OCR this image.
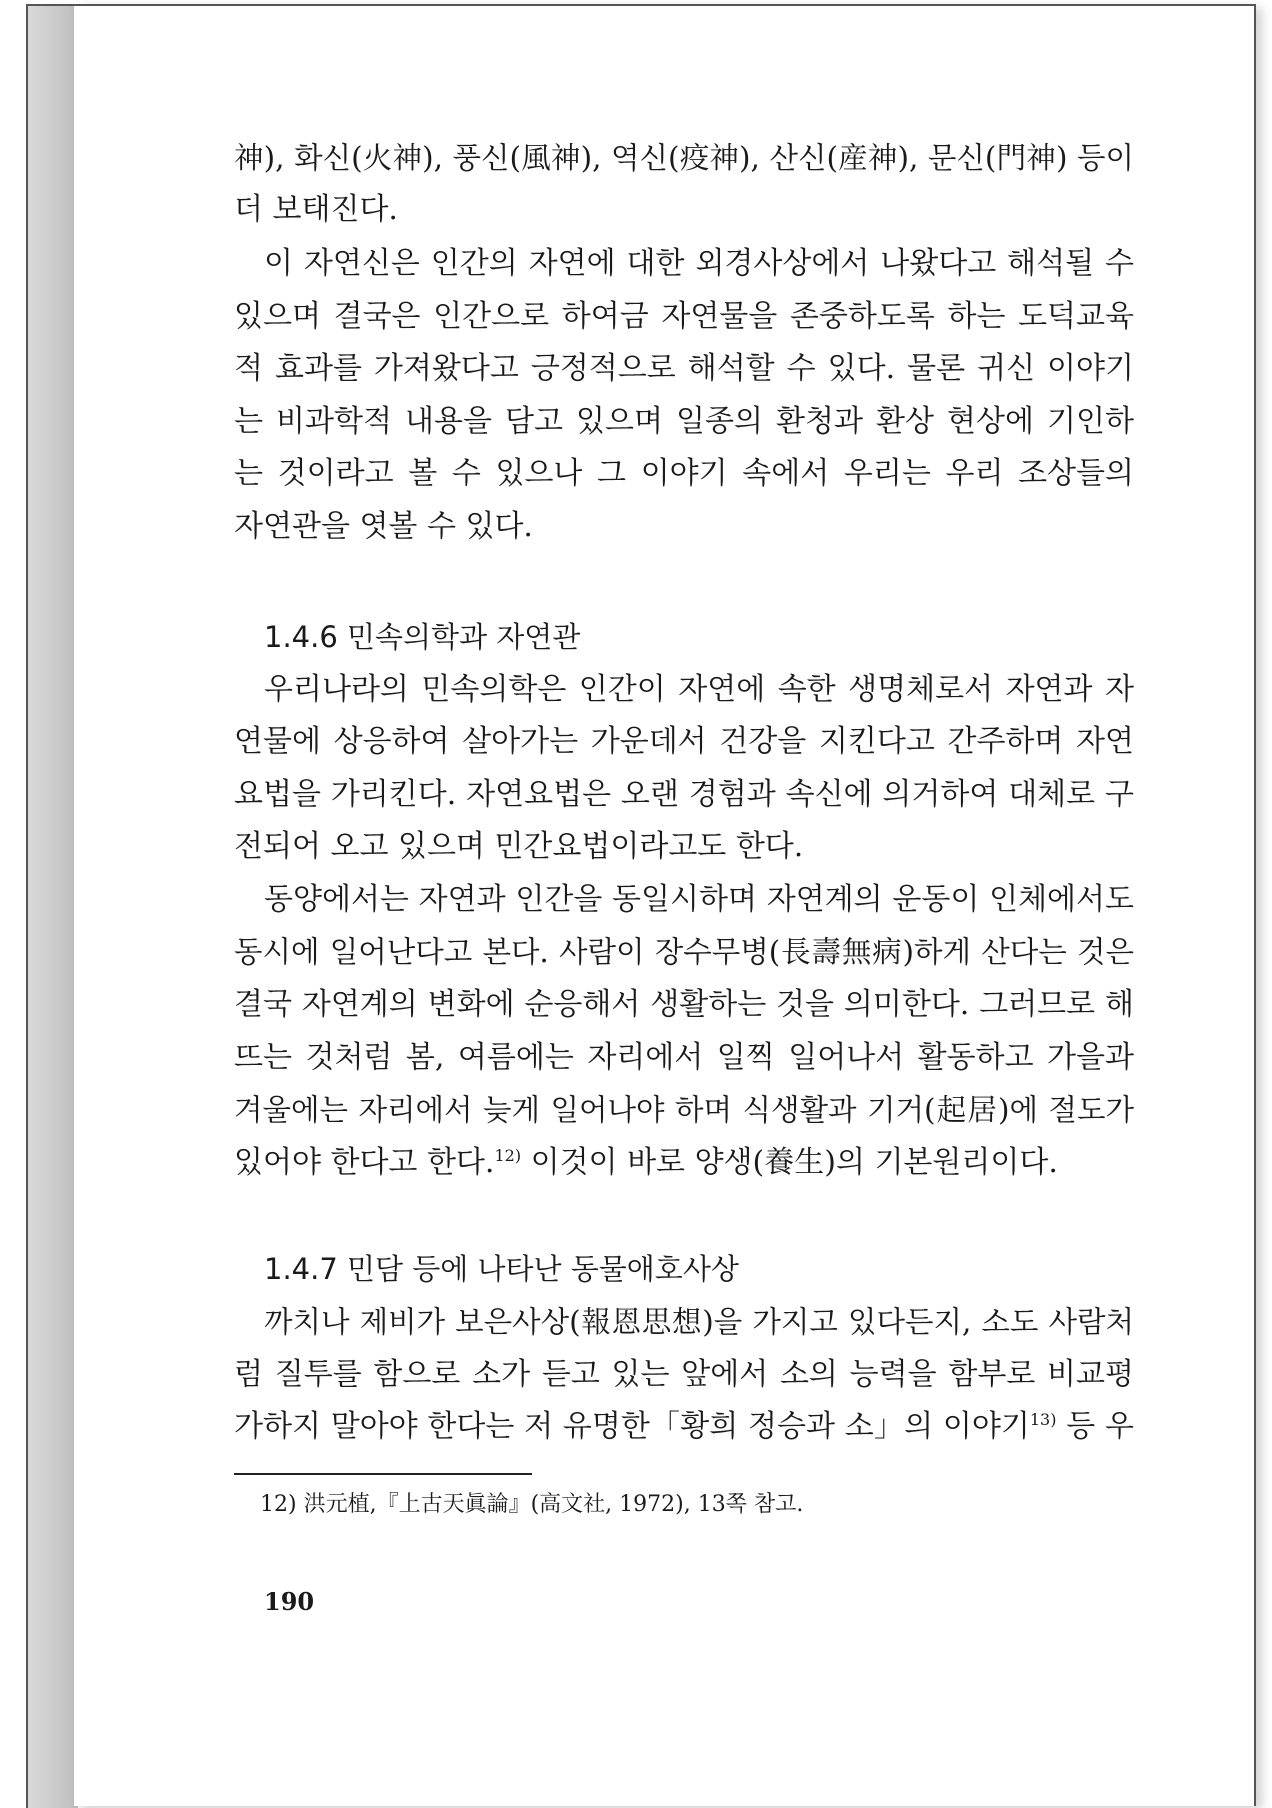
神), 화신(火神), 풍신(風神), 역신(疫神), 산신(産神), 문신(門神) 등이
더 보태진다.
이 자연신은 인간의 자연에 대한 외경사상에서 나왔다고 해석될 수
있으며 결국은 인간으로 하여금 자연물을 존중하도록 하는 도덕교육
적 효과를 가져왔다고 긍정적으로 해석할 수 있다. 물론 귀신 이야기
는 비과학적 내용을 담고 있으며 일종의 환청과 환상 현상에 기인하
는 것이라고 볼 수 있으나 그 이야기 속에서 우리는 우리 조상들의
자연관을 엿볼 수 있다.
1.4.6 민속의학과 자연관
우리나라의 민속의학은 인간이 자연에 속한 생명체로서 자연과 자
연물에 상응하여 살아가는 가운데서 건강을 지킨다고 간주하며 자연
요법을 가리킨다. 자연요법은 오랜 경험과 속신에 의거하여 대체로 구
전되어 오고 있으며 민간요법이라고도 한다.
동양에서는 자연과 인간을 동일시하며 자연계의 운동이 인체에서도
동시에 일어난다고 본다. 사람이 장수무병(長壽無病)하게 산다는 것은
결국 자연계의 변화에 순응해서 생활하는 것을 의미한다. 그러므로 해
뜨는 것처럼 봄, 여름에는 자리에서 일찍 일어나서 활동하고 가을과
겨울에는 자리에서 늦게 일어나야 하며 식생활과 기거(起居)에 절도가
있어야 한다고 한다.$^{12)}$ 이것이 바로 양생(養生)의 기본원리이다.
1.4.7 민담 등에 나타난 동물애호사상
까치나 제비가 보은사상(報恩思想)을 가지고 있다든지, 소도 사람처
럼 질투를 함으로 소가 듣고 있는 앞에서 소의 능력을 함부로 비교평
가하지 말아야 한다는 저 유명한「황희 정승과 소」의 이야기$^{13)}$ 등 우
12) 洪元植,『上古天眞論』(高文社, 1972), 13쪽 참고.
190
